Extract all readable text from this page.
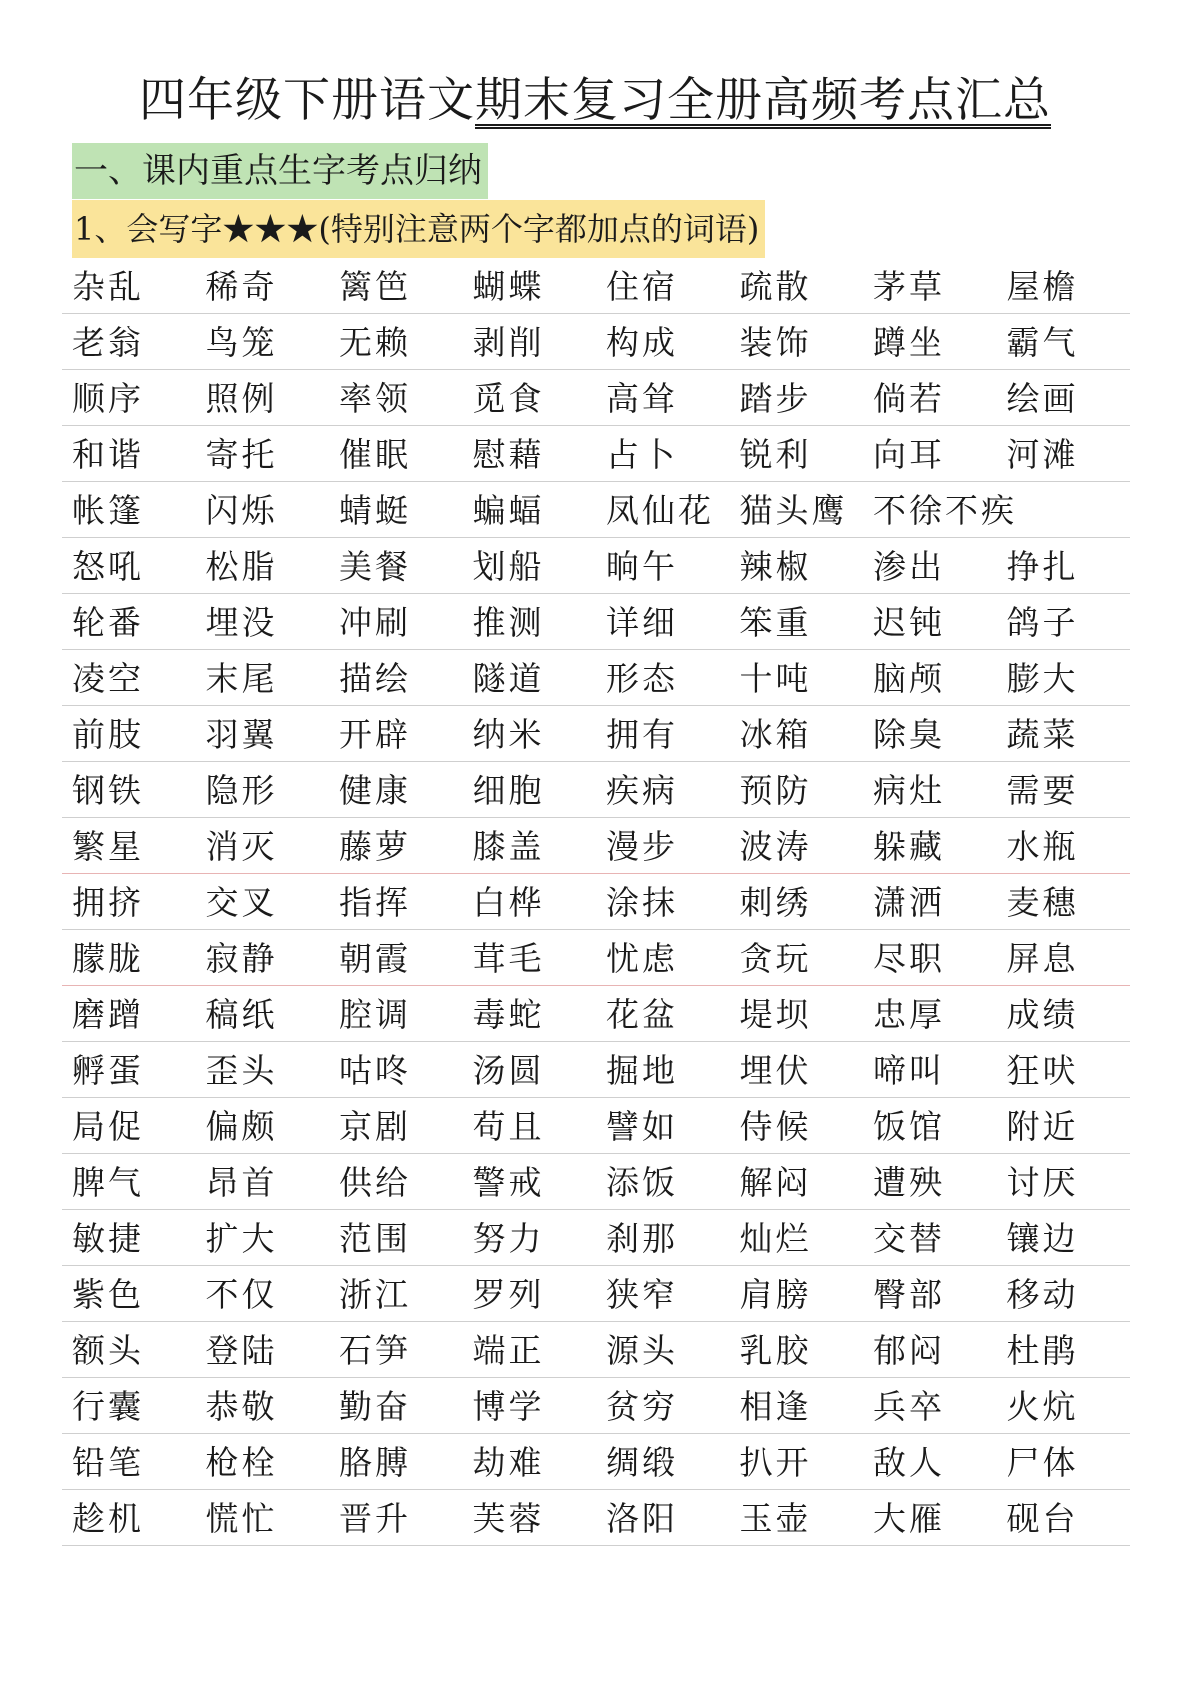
四年级下册语文期末复习全册高频考点汇总
一、课内重点生字考点归纳
1、会写字★★★(特别注意两个字都加点的词语)
杂乱	稀奇	篱笆	蝴蝶	住宿	疏散	茅草	屋檐
老翁	鸟笼	无赖	剥削	构成	装饰	蹲坐	霸气
顺序	照例	率领	觅食	高耸	踏步	倘若	绘画
和谐	寄托	催眠	慰藉	占卜	锐利	向耳	河滩
帐篷	闪烁	蜻蜓	蝙蝠	凤仙花 猫头鹰 不徐不疾
怒吼	松脂	美餐	划船	晌午	辣椒	渗出	挣扎
轮番	埋没	冲刷	推测	详细	笨重	迟钝	鸽子
凌空	末尾	描绘	隧道	形态	十吨	脑颅	膨大
前肢	羽翼	开辟	纳米	拥有	冰箱	除臭	蔬菜
钢铁	隐形	健康	细胞	疾病	预防	病灶	需要
繁星	消灭	藤萝	膝盖	漫步	波涛	躲藏	水瓶
拥挤	交叉	指挥	白桦	涂抹	刺绣	潇洒	麦穗
朦胧	寂静	朝霞	茸毛	忧虑	贪玩	尽职	屏息
磨蹭	稿纸	腔调	毒蛇	花盆	堤坝	忠厚	成绩
孵蛋	歪头	咕咚	汤圆	掘地	埋伏	啼叫	狂吠
局促	偏颇	京剧	苟且	譬如	侍候	饭馆	附近
脾气	昂首	供给	警戒	添饭	解闷	遭殃	讨厌
敏捷	扩大	范围	努力	刹那	灿烂	交替	镶边
紫色	不仅	浙江	罗列	狭窄	肩膀	臀部	移动
额头	登陆	石笋	端正	源头	乳胶	郁闷	杜鹃
行囊	恭敬	勤奋	博学	贫穷	相逢	兵卒	火炕
铅笔	枪栓	胳膊	劫难	绸缎	扒开	敌人	尸体
趁机	慌忙	晋升	芙蓉	洛阳	玉壶	大雁	砚台
